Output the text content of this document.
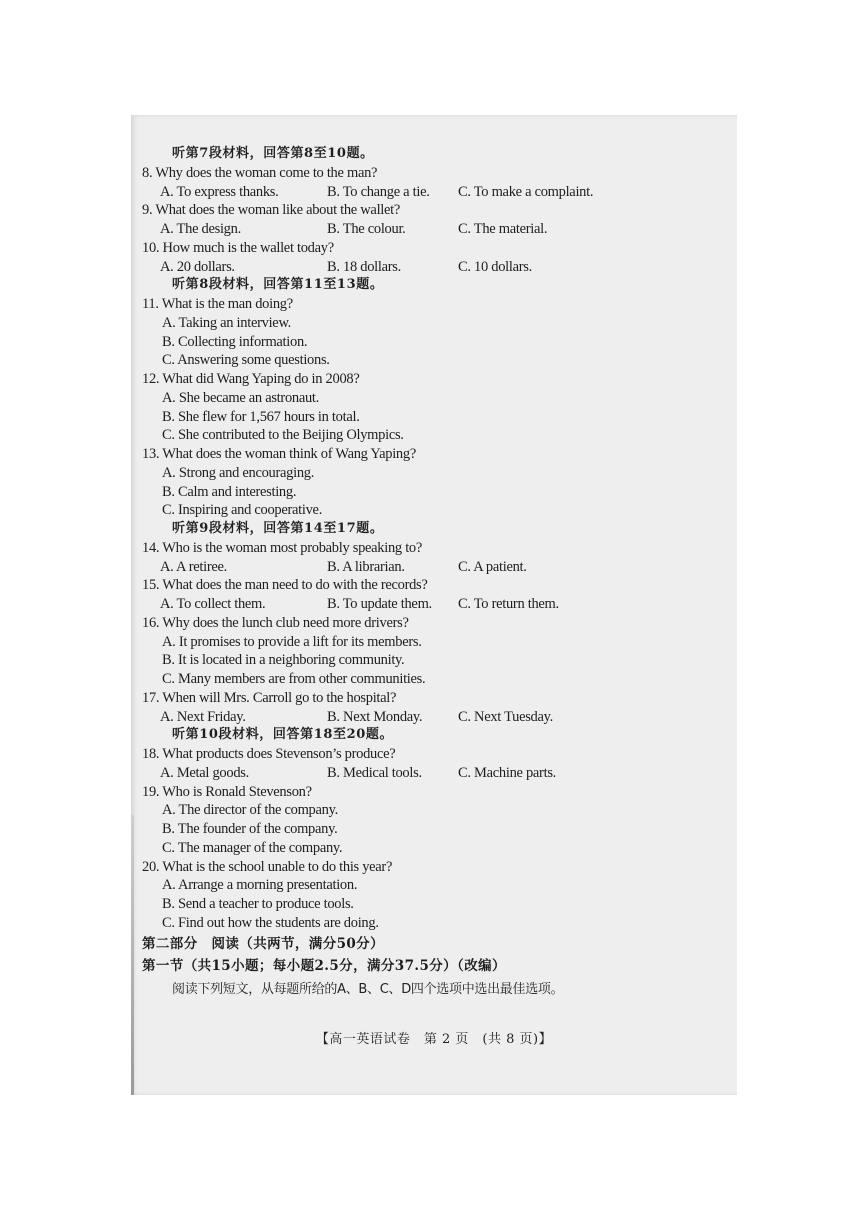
听第7段材料，回答第8至10题。
8. Why does the woman come to the man?
A. To express thanks.	B. To change a tie. C. To make a complaint.
9. What does the woman like about the wallet?
A. The design.	B. The colour.	C. The material.
10. How much is the wallet today?
A. 20 dollars.	B. 18 dollars.	C. 10 dollars.
听第8段材料，回答第11至13题。
11. What is the man doing?
A. Taking an interview.
B. Collecting information.
C. Answering some questions.
12. What did Wang Yaping do in 2008?
A. She became an astronaut.
B. She flew for 1,567 hours in total.
C. She contributed to the Beijing Olympics.
13. What does the woman think of Wang Yaping?
A. Strong and encouraging.
B. Calm and interesting.
C. Inspiring and cooperative.
听第9段材料，回答第14至17题。
14. Who is the woman most probably speaking to?
A. A retiree.	B. A librarian.	C. A patient.
15. What does the man need to do with the records?
A. To collect them.	B. To update them. C. To return them.
16. Why does the lunch club need more drivers?
A. It promises to provide a lift for its members.
B. It is located in a neighboring community.
C. Many members are from other communities.
17. When will Mrs. Carroll go to the hospital?
A. Next Friday.	B. Next Monday. C. Next Tuesday.
听第10段材料，回答第18至20题。
18. What products does Stevenson’s produce?
A. Metal goods.	B. Medical tools. C. Machine parts.
19. Who is Ronald Stevenson?
A. The director of the company.
B. The founder of the company.
C. The manager of the company.
20. What is the school unable to do this year?
A. Arrange a morning presentation.
B. Send a teacher to produce tools.
C. Find out how the students are doing.
第二部分　阅读（共两节，满分50分）
第一节（共15小题；每小题2.5分，满分37.5分）（改编）
阅读下列短文，从每题所给的A、B、C、D四个选项中选出最佳选项。
【高一英语试卷　第 2 页　(共 8 页)】
